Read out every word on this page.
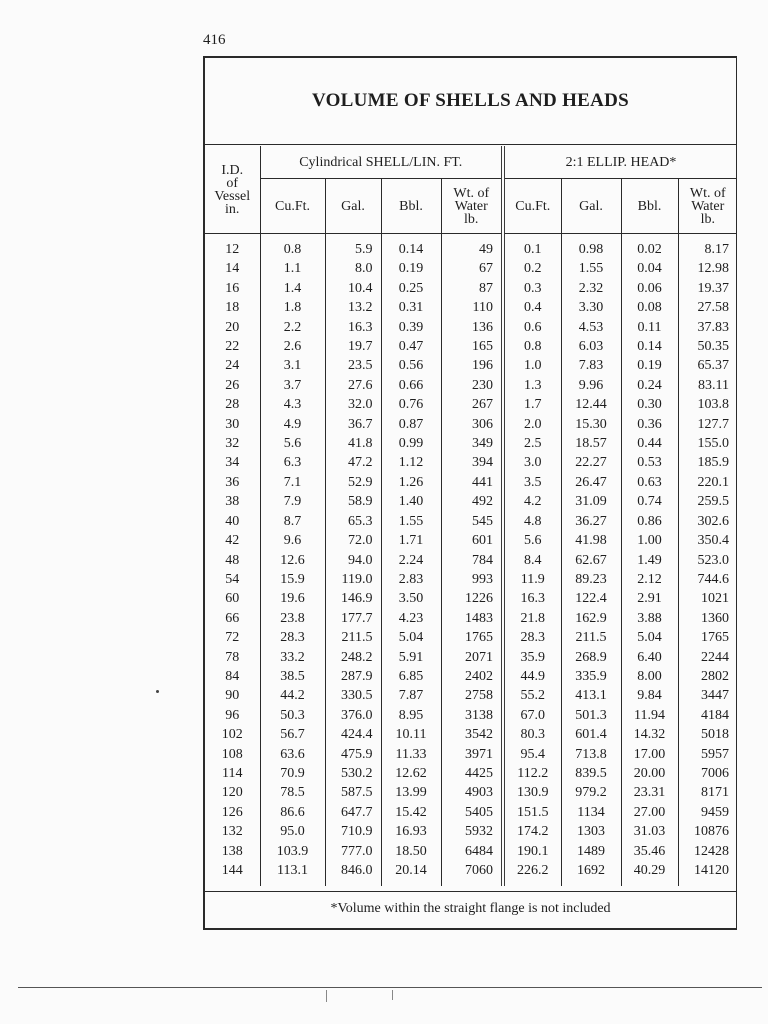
416
VOLUME OF SHELLS AND HEADS
I.D.
of
Vessel
in.	Cylindrical SHELL/LIN. FT.				2:1 ELLIP. HEAD*			
	Cu.Ft.	Gal.	Bbl.	Wt. of
Water
lb.	Cu.Ft.	Gal.	Bbl.	Wt. of
Water
lb.
12	0.8	5.9	0.14	49	0.1	0.98	0.02	8.17
14	1.1	8.0	0.19	67	0.2	1.55	0.04	12.98
16	1.4	10.4	0.25	87	0.3	2.32	0.06	19.37
18	1.8	13.2	0.31	110	0.4	3.30	0.08	27.58
20	2.2	16.3	0.39	136	0.6	4.53	0.11	37.83
22	2.6	19.7	0.47	165	0.8	6.03	0.14	50.35
24	3.1	23.5	0.56	196	1.0	7.83	0.19	65.37
26	3.7	27.6	0.66	230	1.3	9.96	0.24	83.11
28	4.3	32.0	0.76	267	1.7	12.44	0.30	103.8
30	4.9	36.7	0.87	306	2.0	15.30	0.36	127.7
32	5.6	41.8	0.99	349	2.5	18.57	0.44	155.0
34	6.3	47.2	1.12	394	3.0	22.27	0.53	185.9
36	7.1	52.9	1.26	441	3.5	26.47	0.63	220.1
38	7.9	58.9	1.40	492	4.2	31.09	0.74	259.5
40	8.7	65.3	1.55	545	4.8	36.27	0.86	302.6
42	9.6	72.0	1.71	601	5.6	41.98	1.00	350.4
48	12.6	94.0	2.24	784	8.4	62.67	1.49	523.0
54	15.9	119.0	2.83	993	11.9	89.23	2.12	744.6
60	19.6	146.9	3.50	1226	16.3	122.4	2.91	1021
66	23.8	177.7	4.23	1483	21.8	162.9	3.88	1360
72	28.3	211.5	5.04	1765	28.3	211.5	5.04	1765
78	33.2	248.2	5.91	2071	35.9	268.9	6.40	2244
84	38.5	287.9	6.85	2402	44.9	335.9	8.00	2802
90	44.2	330.5	7.87	2758	55.2	413.1	9.84	3447
96	50.3	376.0	8.95	3138	67.0	501.3	11.94	4184
102	56.7	424.4	10.11	3542	80.3	601.4	14.32	5018
108	63.6	475.9	11.33	3971	95.4	713.8	17.00	5957
114	70.9	530.2	12.62	4425	112.2	839.5	20.00	7006
120	78.5	587.5	13.99	4903	130.9	979.2	23.31	8171
126	86.6	647.7	15.42	5405	151.5	1134	27.00	9459
132	95.0	710.9	16.93	5932	174.2	1303	31.03	10876
138	103.9	777.0	18.50	6484	190.1	1489	35.46	12428
144	113.1	846.0	20.14	7060	226.2	1692	40.29	14120
*Volume within the straight flange is not included
